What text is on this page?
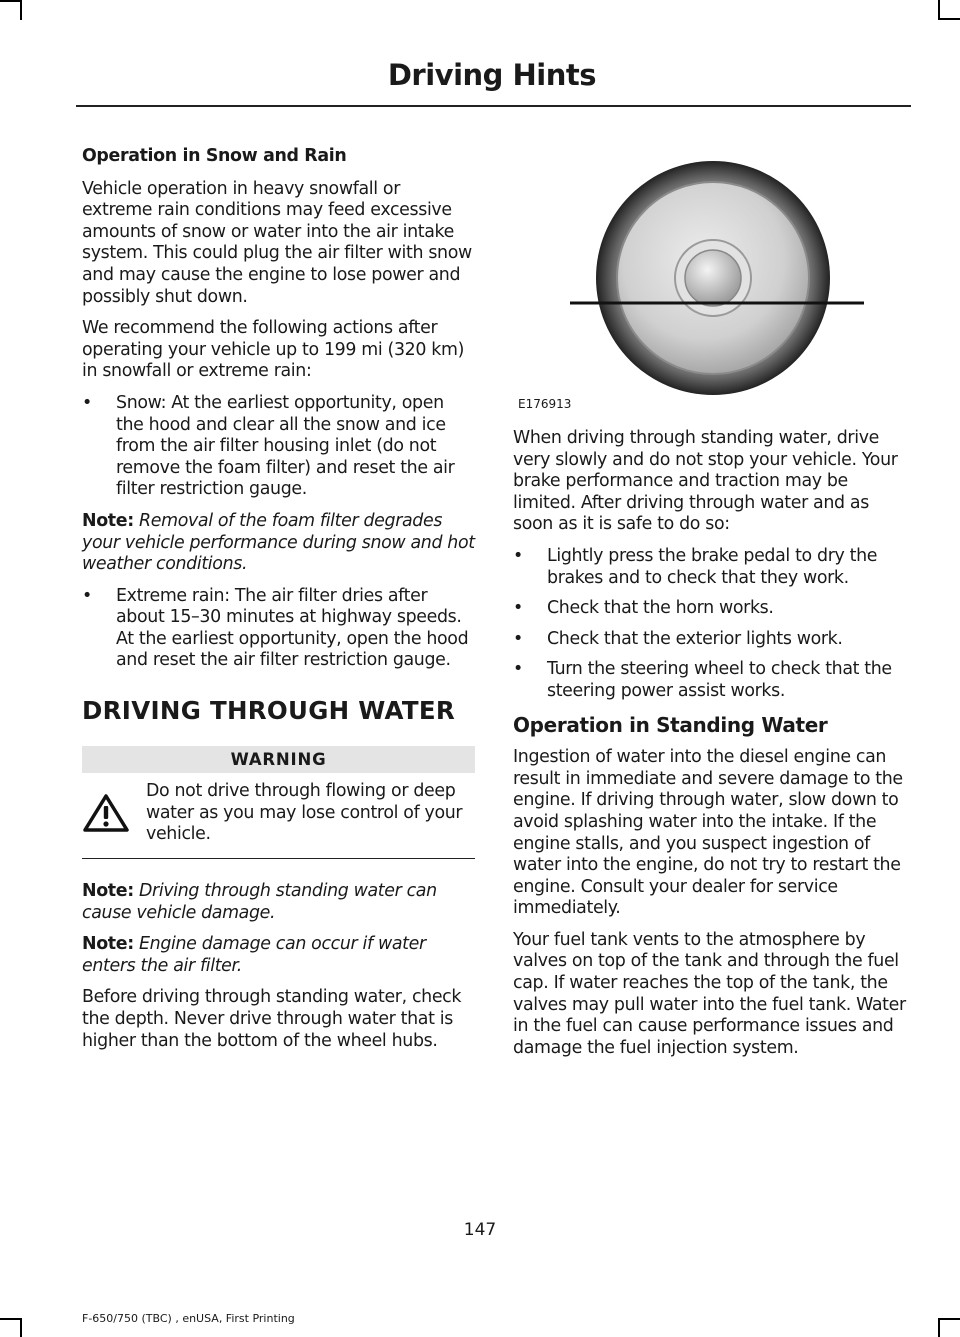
Driving Hints
Operation in Snow and Rain

Vehicle operation in heavy snowfall or extreme rain conditions may feed excessive amounts of snow or water into the air intake system. This could plug the air filter with snow and may cause the engine to lose power and possibly shut down.

We recommend the following actions after operating your vehicle up to 199 mi (320 km) in snowfall or extreme rain:

• Snow: At the earliest opportunity, open the hood and clear all the snow and ice from the air filter housing inlet (do not remove the foam filter) and reset the air filter restriction gauge.

Note: Removal of the foam filter degrades your vehicle performance during snow and hot weather conditions.

• Extreme rain: The air filter dries after about 15–30 minutes at highway speeds. At the earliest opportunity, open the hood and reset the air filter restriction gauge.
DRIVING THROUGH WATER
WARNING
Do not drive through flowing or deep water as you may lose control of your vehicle.

Note: Driving through standing water can cause vehicle damage.

Note: Engine damage can occur if water enters the air filter.

Before driving through standing water, check the depth. Never drive through water that is higher than the bottom of the wheel hubs.

E176913

When driving through standing water, drive very slowly and do not stop your vehicle. Your brake performance and traction may be limited. After driving through water and as soon as it is safe to do so:

• Lightly press the brake pedal to dry the brakes and to check that they work.
• Check that the horn works.
• Check that the exterior lights work.
• Turn the steering wheel to check that the steering power assist works.
Operation in Standing Water

Ingestion of water into the diesel engine can result in immediate and severe damage to the engine. If driving through water, slow down to avoid splashing water into the intake. If the engine stalls, and you suspect ingestion of water into the engine, do not try to restart the engine. Consult your dealer for service immediately.

Your fuel tank vents to the atmosphere by valves on top of the tank and through the fuel cap. If water reaches the top of the tank, the valves may pull water into the fuel tank. Water in the fuel can cause performance issues and damage the fuel injection system.

147
F-650/750 (TBC) , enUSA, First Printing
